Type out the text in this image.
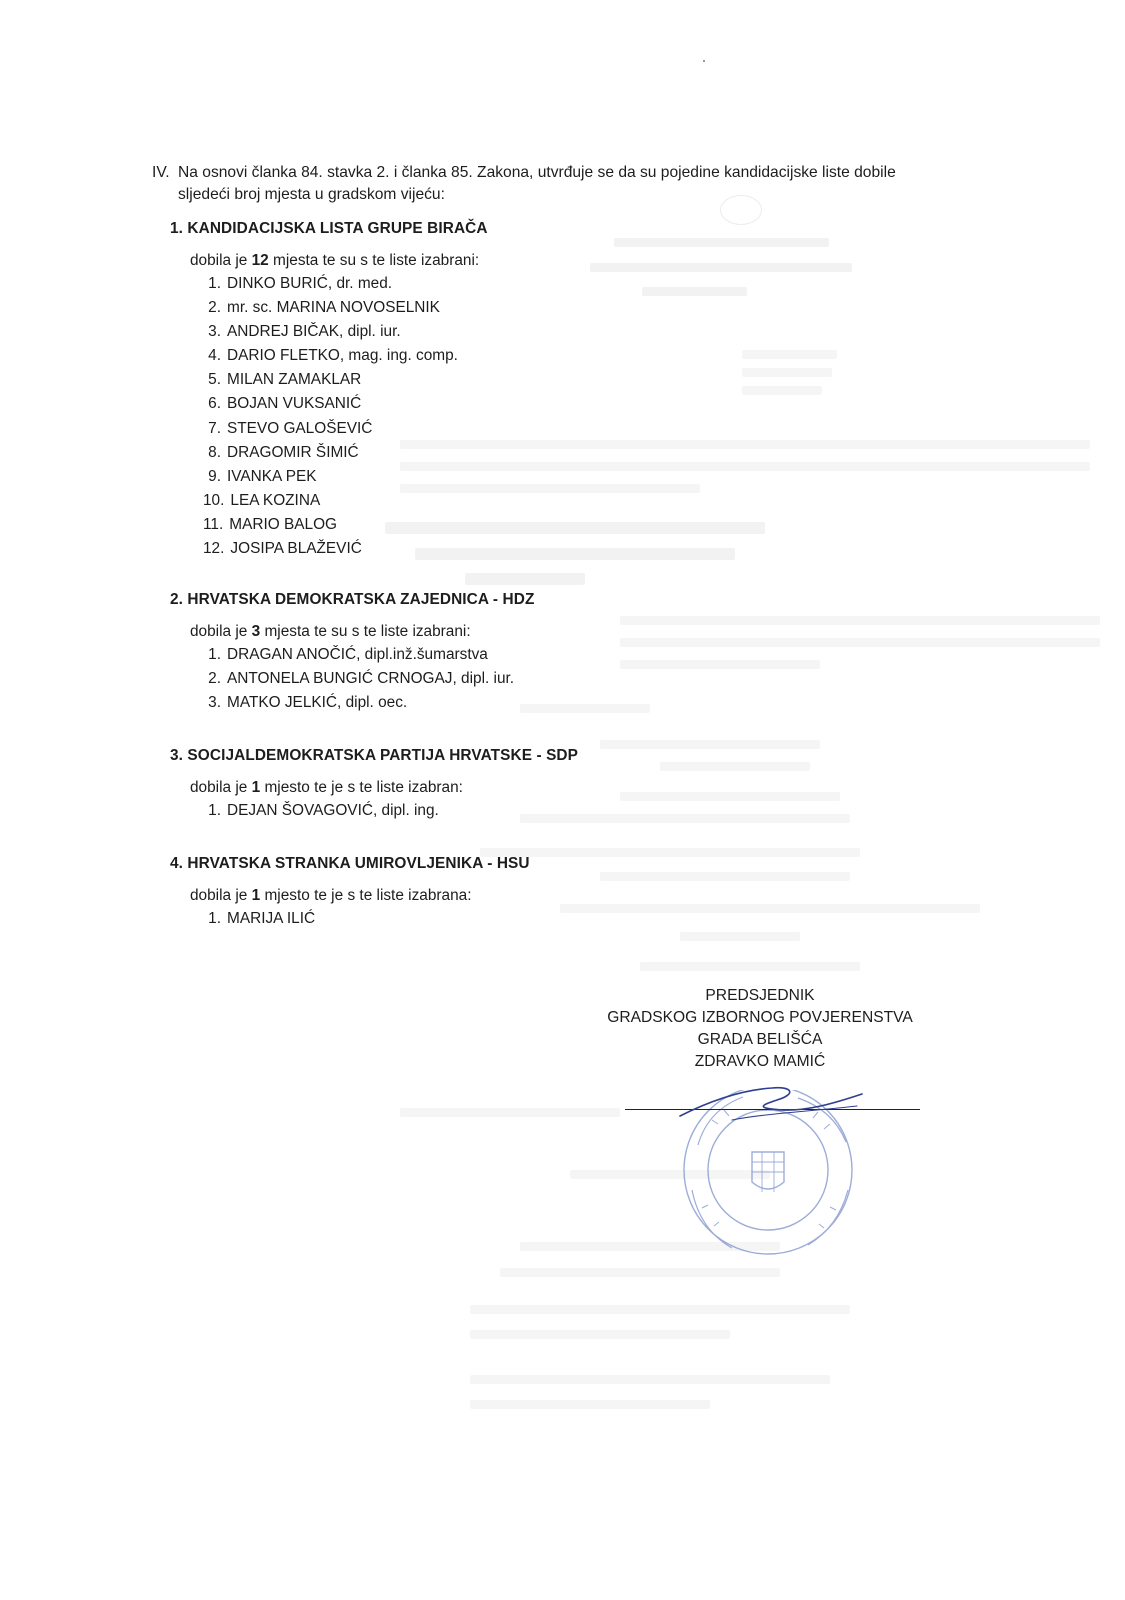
IV. Na osnovi članka 84. stavka 2. i članka 85. Zakona, utvrđuje se da su pojedine kandidacijske liste dobile
sljedeći broj mjesta u gradskom vijeću:
1. KANDIDACIJSKA LISTA GRUPE BIRAČA
dobila je 12 mjesta te su s te liste izabrani:
1. DINKO BURIĆ, dr. med.
2. mr. sc. MARINA NOVOSELNIK
3. ANDREJ BIČAK, dipl. iur.
4. DARIO FLETKO, mag. ing. comp.
5. MILAN ZAMAKLAR
6. BOJAN VUKSANIĆ
7. STEVO GALOŠEVIĆ
8. DRAGOMIR ŠIMIĆ
9. IVANKA PEK
10. LEA KOZINA
11. MARIO BALOG
12. JOSIPA BLAŽEVIĆ
2. HRVATSKA DEMOKRATSKA ZAJEDNICA - HDZ
dobila je 3 mjesta te su s te liste izabrani:
1. DRAGAN ANOČIĆ, dipl.inž.šumarstva
2. ANTONELA BUNGIĆ CRNOGAJ, dipl. iur.
3. MATKO JELKIĆ, dipl. oec.
3. SOCIJALDEMOKRATSKA PARTIJA HRVATSKE - SDP
dobila je 1 mjesto te je s te liste izabran:
1. DEJAN ŠOVAGOVIĆ, dipl. ing.
4. HRVATSKA STRANKA UMIROVLJENIKA - HSU
dobila je 1 mjesto te je s te liste izabrana:
1. MARIJA ILIĆ
PREDSJEDNIK
GRADSKOG IZBORNOG POVJERENSTVA
GRADA BELIŠĆA
ZDRAVKO MAMIĆ
